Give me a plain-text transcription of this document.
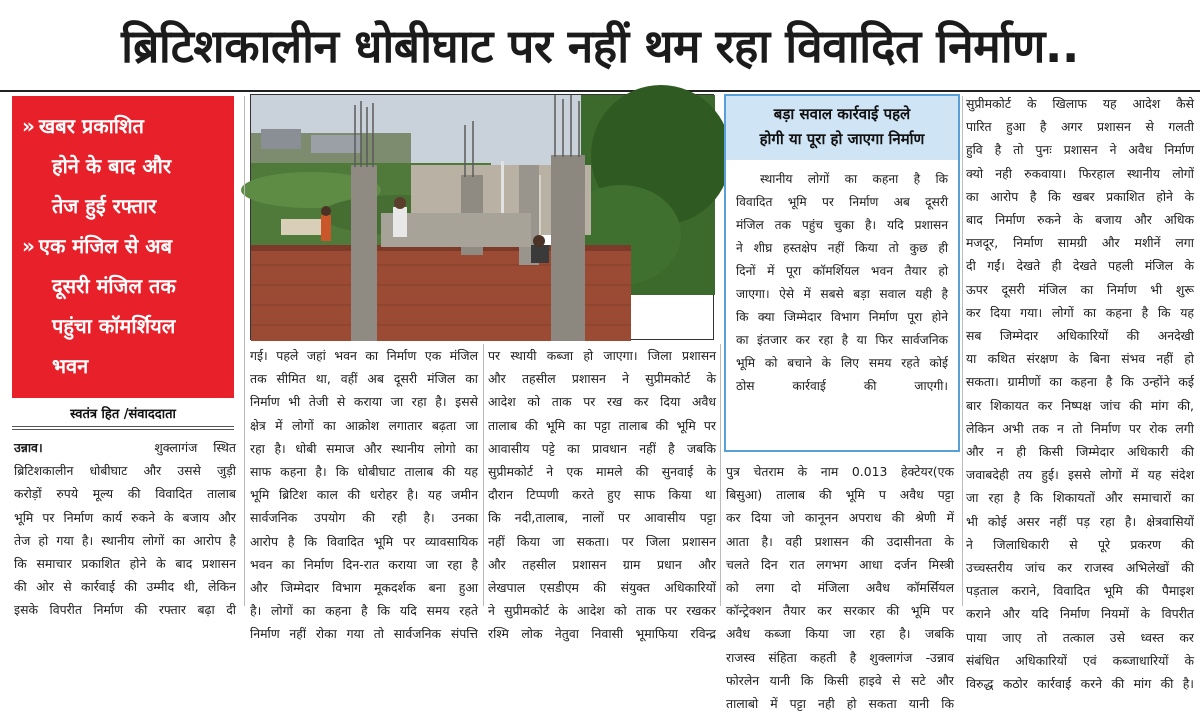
ब्रिटिशकालीन धोबीघाट पर नहीं थम रहा विवादित निर्माण..
» खबर प्रकाशित
होने के बाद और
तेज हुई रफ्तार
» एक मंजिल से अब
दूसरी मंजिल तक
पहुंचा कॉमर्शियल
भवन
स्वतंत्र हित /संवाददाता
बड़ा सवाल कार्रवाई पहले
होगी या पूरा हो जाएगा निर्माण
स्थानीय लोगों का कहना है कि
विवादित भूमि पर निर्माण अब दूसरी
मंजिल तक पहुंच चुका है। यदि प्रशासन
ने शीघ्र हस्तक्षेप नहीं किया तो कुछ ही
दिनों में पूरा कॉमर्शियल भवन तैयार हो
जाएगा। ऐसे में सबसे बड़ा सवाल यही है
कि क्या जिम्मेदार विभाग निर्माण पूरा होने
का इंतजार कर रहा है या फिर सार्वजनिक
भूमि को बचाने के लिए समय रहते कोई
ठोस कार्रवाई की जाएगी।
उन्नाव।	शुक्लागंज स्थित
ब्रिटिशकालीन धोबीघाट और उससे जुड़ी
करोड़ों रुपये मूल्य की विवादित तालाब
भूमि पर निर्माण कार्य रुकने के बजाय और
तेज हो गया है। स्थानीय लोगों का आरोप है
कि समाचार प्रकाशित होने के बाद प्रशासन
की ओर से कार्रवाई की उम्मीद थी, लेकिन
इसके विपरीत निर्माण की रफ्तार बढ़ा दी
गई। पहले जहां भवन का निर्माण एक मंजिल
तक सीमित था, वहीं अब दूसरी मंजिल का
निर्माण भी तेजी से कराया जा रहा है। इससे
क्षेत्र में लोगों का आक्रोश लगातार बढ़ता जा
रहा है। धोबी समाज और स्थानीय लोगो का
साफ कहना है। कि धोबीघाट तालाब की यह
भूमि ब्रिटिश काल की धरोहर है। यह जमीन
सार्वजनिक उपयोग की रही है। उनका
आरोप है कि विवादित भूमि पर व्यावसायिक
भवन का निर्माण दिन-रात कराया जा रहा है
और जिम्मेदार विभाग मूकदर्शक बना हुआ
है। लोगों का कहना है कि यदि समय रहते
निर्माण नहीं रोका गया तो सार्वजनिक संपत्ति
पर स्थायी कब्जा हो जाएगा। जिला प्रशासन
और तहसील प्रशासन ने सुप्रीमकोर्ट के
आदेश को ताक पर रख कर दिया अवैध
तालाब की भूमि का पट्टा तालाब की भूमि पर
आवासीय पट्टे का प्रावधान नहीं है जबकि
सुप्रीमकोर्ट ने एक मामले की सुनवाई के
दौरान टिप्पणी करते हुए साफ किया था
कि नदी,तालाब, नालों पर आवासीय पट्टा
नहीं किया जा सकता। पर जिला प्रशासन
और तहसील प्रशासन ग्राम प्रधान और
लेखपाल एसडीएम की संयुक्त अधिकारियों
ने सुप्रीमकोर्ट के आदेश को ताक पर रखकर
रश्मि लोक नेतुवा निवासी भूमाफिया रविन्द्र
पुत्र चेतराम के नाम 0.013 हेक्टेयर(एक
बिसुआ) तालाब की भूमि प अवैध पट्टा
कर दिया जो कानूनन अपराध की श्रेणी में
आता है। वही प्रशासन की उदासीनता के
चलते दिन रात लगभग आधा दर्जन मिस्त्री
को लगा दो मंजिला अवैध कॉमर्सियल
कॉन्ट्रेक्शन तैयार कर सरकार की भूमि पर
अवैध कब्जा किया जा रहा है। जबकि
राजस्व संहिता कहती है शुक्लागंज -उन्नाव
फोरलेन यानी कि किसी हाइवे से सटे और
तालाबो में पट्टा नही हो सकता यानी कि
सुप्रीमकोर्ट के खिलाफ यह आदेश कैसे
पारित हुआ है अगर प्रशासन से गलती
हुवि है तो पुनः प्रशासन ने अवैध निर्माण
क्यो नही रुकवाया। फिरहाल स्थानीय लोगों
का आरोप है कि खबर प्रकाशित होने के
बाद निर्माण रुकने के बजाय और अधिक
मजदूर, निर्माण सामग्री और मशीनें लगा
दी गईं। देखते ही देखते पहली मंजिल के
ऊपर दूसरी मंजिल का निर्माण भी शुरू
कर दिया गया। लोगों का कहना है कि यह
सब जिम्मेदार अधिकारियों की अनदेखी
या कथित संरक्षण के बिना संभव नहीं हो
सकता। ग्रामीणों का कहना है कि उन्होंने कई
बार शिकायत कर निष्पक्ष जांच की मांग की,
लेकिन अभी तक न तो निर्माण पर रोक लगी
और न ही किसी जिम्मेदार अधिकारी की
जवाबदेही तय हुई। इससे लोगों में यह संदेश
जा रहा है कि शिकायतों और समाचारों का
भी कोई असर नहीं पड़ रहा है। क्षेत्रवासियों
ने जिलाधिकारी से पूरे प्रकरण की
उच्चस्तरीय जांच कर राजस्व अभिलेखों की
पड़ताल कराने, विवादित भूमि की पैमाइश
कराने और यदि निर्माण नियमों के विपरीत
पाया जाए तो तत्काल उसे ध्वस्त कर
संबंधित अधिकारियों एवं कब्जाधारियों के
विरुद्ध कठोर कार्रवाई करने की मांग की है।
